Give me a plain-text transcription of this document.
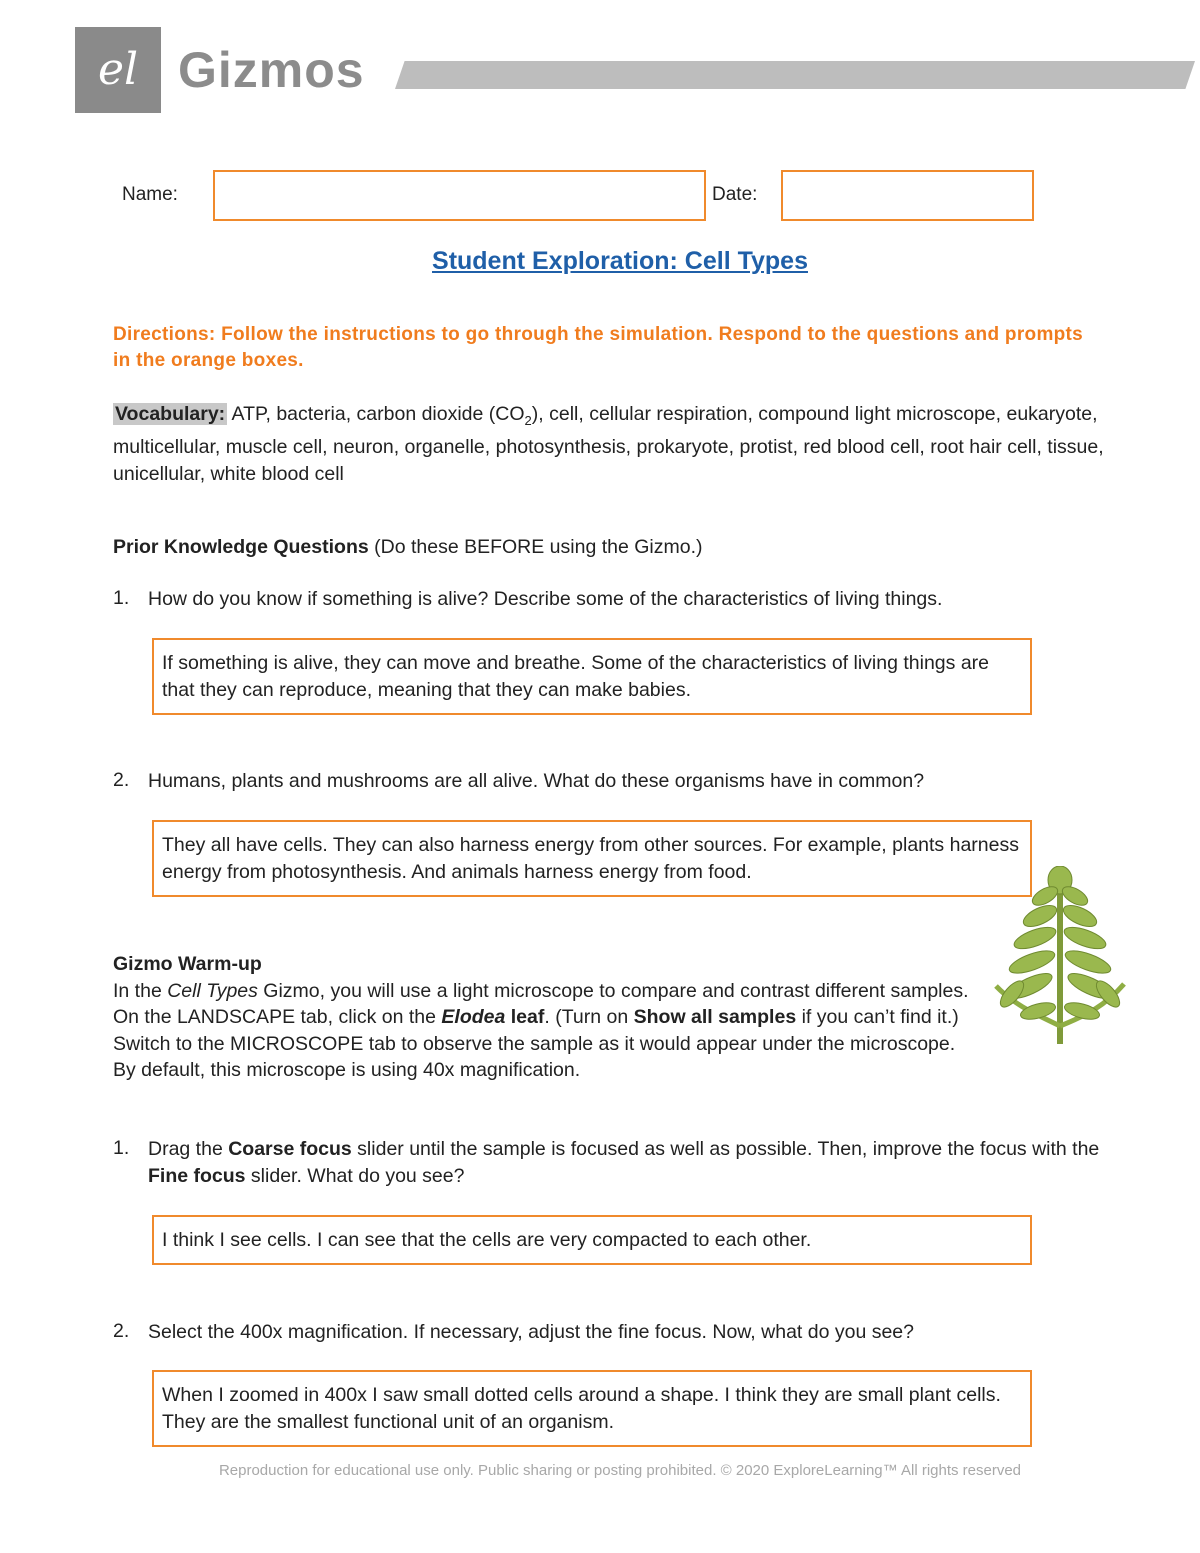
el Gizmos
Name:	Date:
Student Exploration: Cell Types
Directions: Follow the instructions to go through the simulation. Respond to the questions and prompts in the orange boxes.
Vocabulary: ATP, bacteria, carbon dioxide $(CO_2)$, cell, cellular respiration, compound light microscope, eukaryote, multicellular, muscle cell, neuron, organelle, photosynthesis, prokaryote, protist, red blood cell, root hair cell, tissue, unicellular, white blood cell
Prior Knowledge Questions (Do these BEFORE using the Gizmo.)
1. How do you know if something is alive? Describe some of the characteristics of living things.
If something is alive, they can move and breathe. Some of the characteristics of living things are that they can reproduce, meaning that they can make babies.
2. Humans, plants and mushrooms are all alive. What do these organisms have in common?
They all have cells. They can also harness energy from other sources. For example, plants harness energy from photosynthesis. And animals harness energy from food.
Gizmo Warm-up
In the Cell Types Gizmo, you will use a light microscope to compare and contrast different samples. On the LANDSCAPE tab, click on the Elodea leaf. (Turn on Show all samples if you can’t find it.) Switch to the MICROSCOPE tab to observe the sample as it would appear under the microscope. By default, this microscope is using 40x magnification.
1. Drag the Coarse focus slider until the sample is focused as well as possible. Then, improve the focus with the Fine focus slider. What do you see?
I think I see cells. I can see that the cells are very compacted to each other.
2. Select the 400x magnification. If necessary, adjust the fine focus. Now, what do you see?
When I zoomed in 400x I saw small dotted cells around a shape. I think they are small plant cells. They are the smallest functional unit of an organism.
Reproduction for educational use only. Public sharing or posting prohibited. © 2020 ExploreLearning™ All rights reserved
